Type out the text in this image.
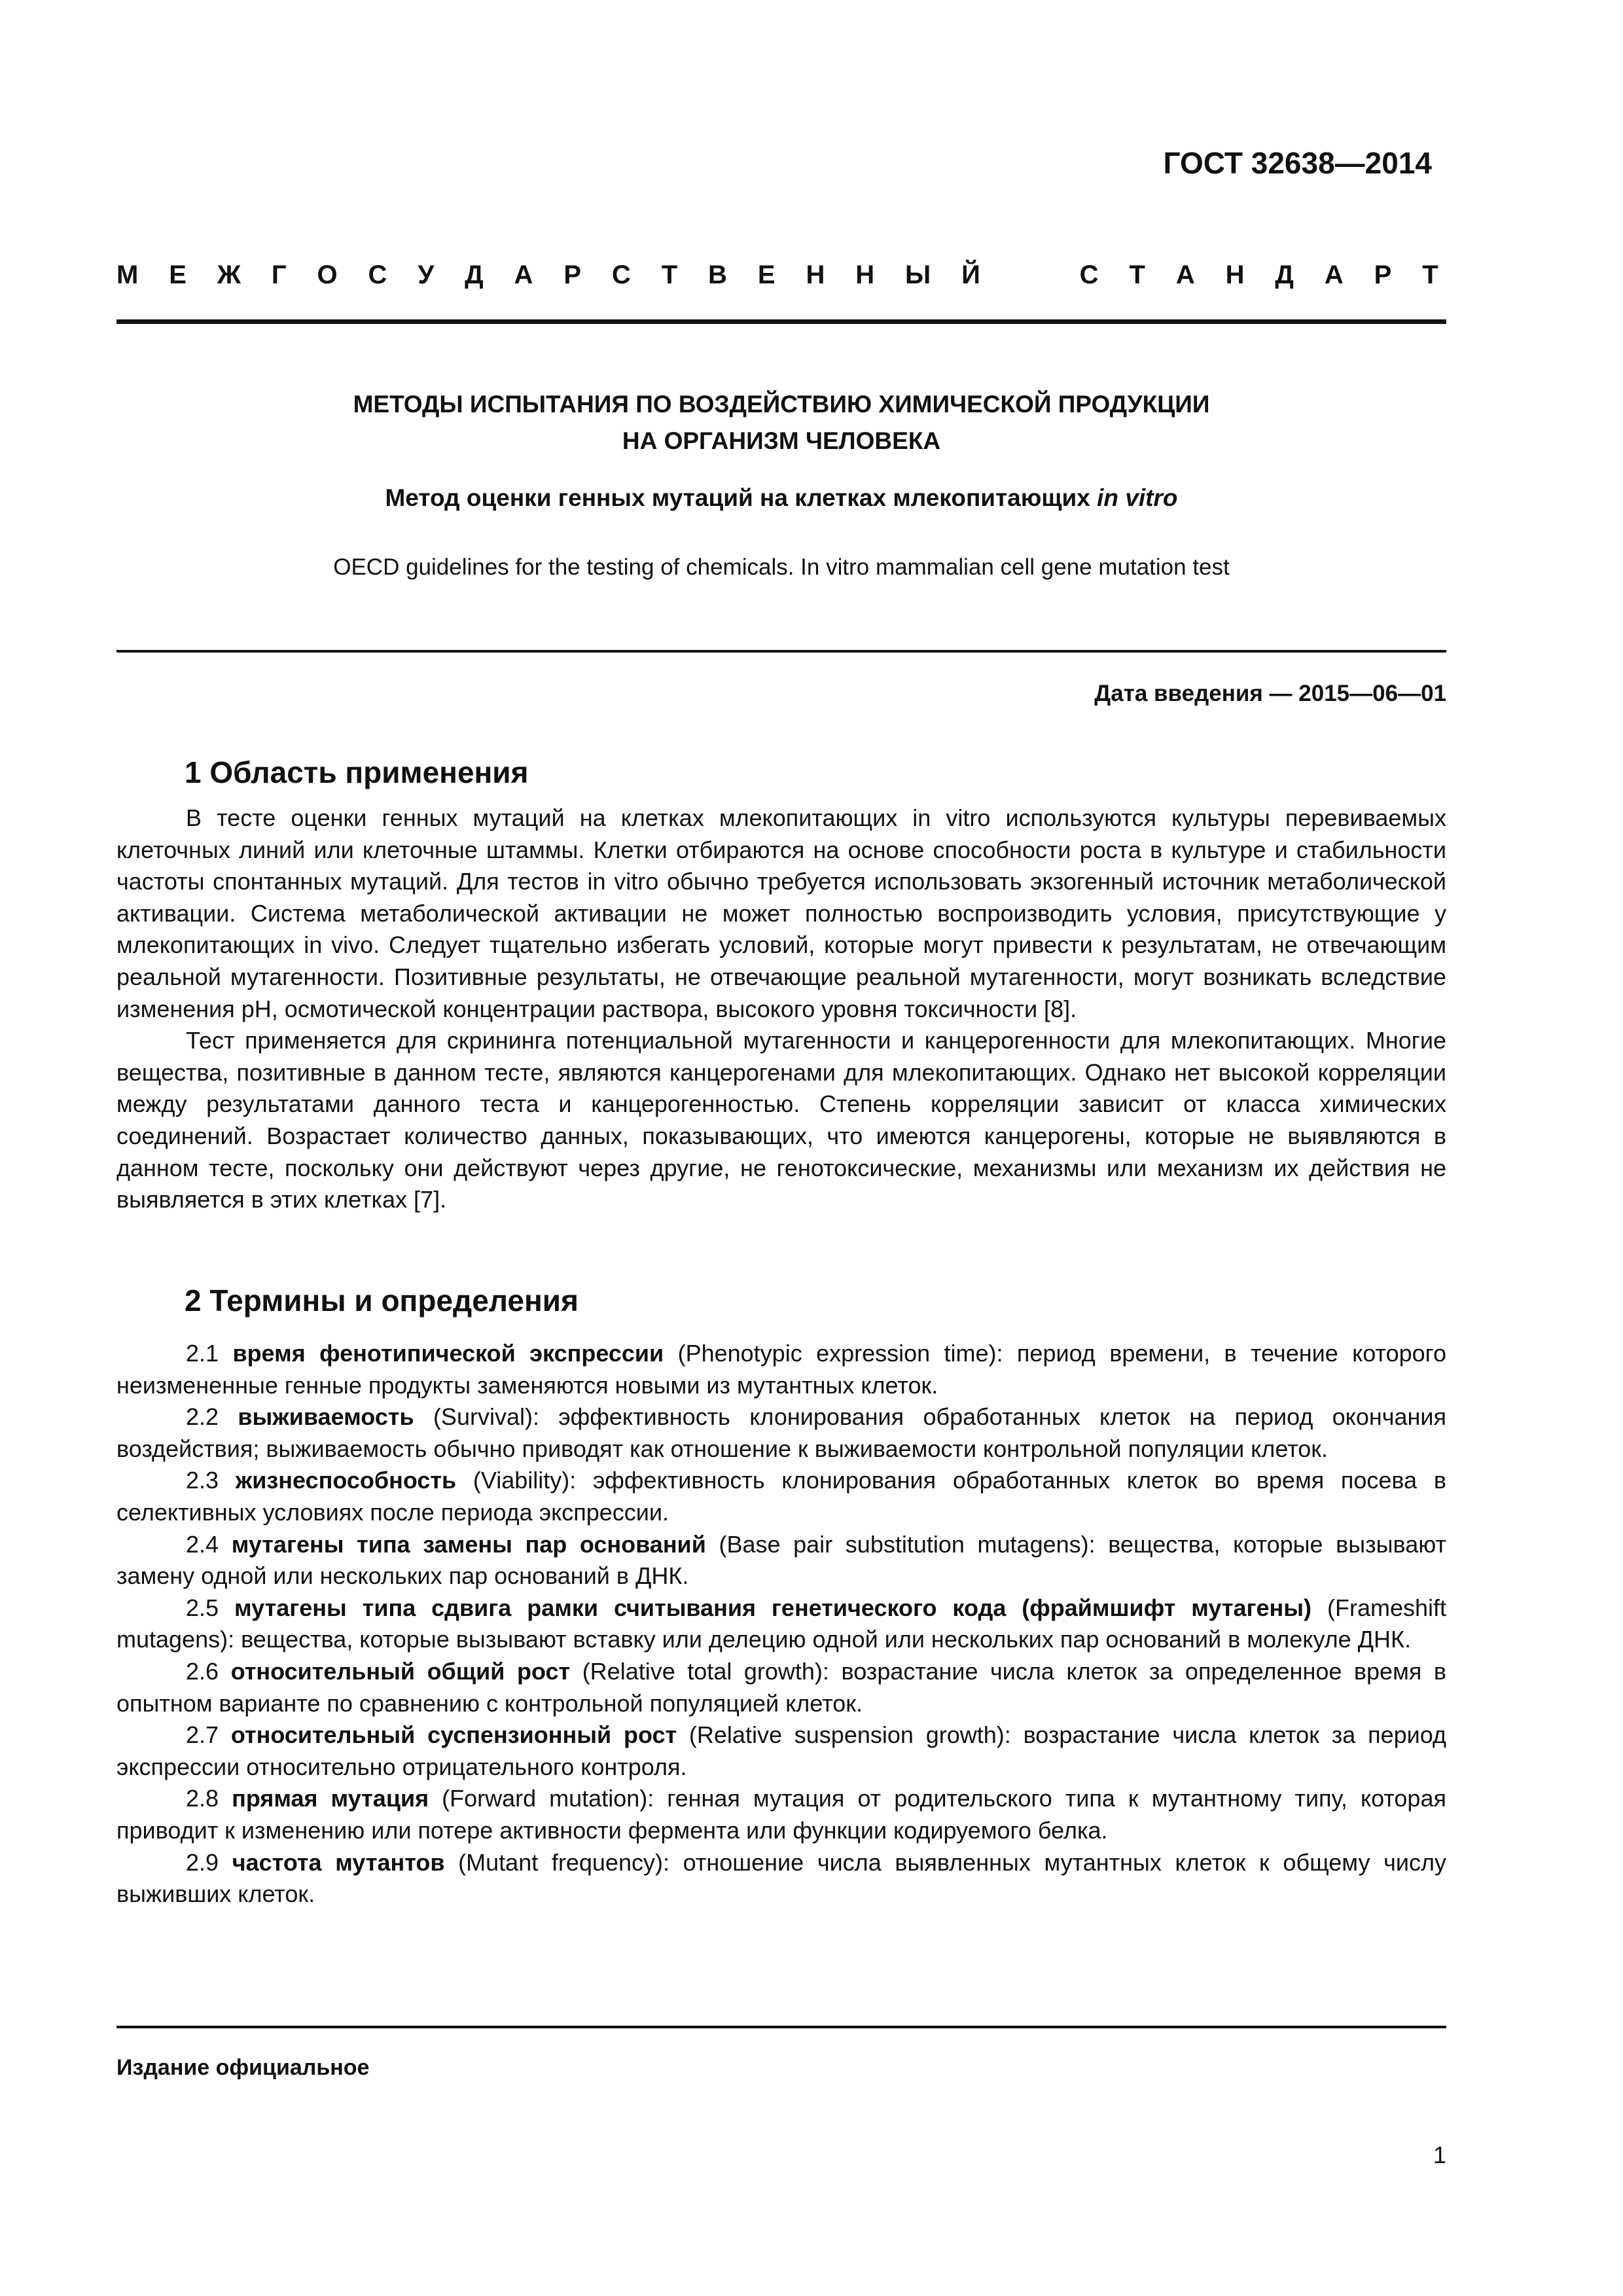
ГОСТ 32638—2014

М Е Ж Г О С У Д А Р С Т В Е Н Н Ы Й	С Т А Н Д А Р Т
МЕТОДЫ ИСПЫТАНИЯ ПО ВОЗДЕЙСТВИЮ ХИМИЧЕСКОЙ ПРОДУКЦИИ
НА ОРГАНИЗМ ЧЕЛОВЕКА

Метод оценки генных мутаций на клетках млекопитающих in vitro

OECD guidelines for the testing of chemicals. In vitro mammalian cell gene mutation test

Дата введения — 2015—06—01

1 Область применения

В тесте оценки генных мутаций на клетках млекопитающих in vitro используются культуры перевиваемых клеточных линий или клеточные штаммы. Клетки отбираются на основе способности роста в культуре и стабильности частоты спонтанных мутаций. Для тестов in vitro обычно требуется использовать экзогенный источник метаболической активации. Система метаболической активации не может полностью воспроизводить условия, присутствующие у млекопитающих in vivo. Следует тщательно избегать условий, которые могут привести к результатам, не отвечающим реальной мутагенности. Позитивные результаты, не отвечающие реальной мутагенности, могут возникать вследствие изменения pH, осмотической концентрации раствора, высокого уровня токсичности [8].

Тест применяется для скрининга потенциальной мутагенности и канцерогенности для млекопитающих. Многие вещества, позитивные в данном тесте, являются канцерогенами для млекопитающих. Однако нет высокой корреляции между результатами данного теста и канцерогенностью. Степень корреляции зависит от класса химических соединений. Возрастает количество данных, показывающих, что имеются канцерогены, которые не выявляются в данном тесте, поскольку они действуют через другие, не генотоксические, механизмы или механизм их действия не выявляется в этих клетках [7].

2 Термины и определения

2.1 время фенотипической экспрессии (Phenotypic expression time): период времени, в течение которого неизмененные генные продукты заменяются новыми из мутантных клеток.

2.2 выживаемость (Survival): эффективность клонирования обработанных клеток на период окончания воздействия; выживаемость обычно приводят как отношение к выживаемости контрольной популяции клеток.

2.3 жизнеспособность (Viability): эффективность клонирования обработанных клеток во время посева в селективных условиях после периода экспрессии.

2.4 мутагены типа замены пар оснований (Base pair substitution mutagens): вещества, которые вызывают замену одной или нескольких пар оснований в ДНК.

2.5 мутагены типа сдвига рамки считывания генетического кода (фраймшифт мутагены) (Frameshift mutagens): вещества, которые вызывают вставку или делецию одной или нескольких пар оснований в молекуле ДНК.

2.6 относительный общий рост (Relative total growth): возрастание числа клеток за определенное время в опытном варианте по сравнению с контрольной популяцией клеток.

2.7 относительный суспензионный рост (Relative suspension growth): возрастание числа клеток за период экспрессии относительно отрицательного контроля.

2.8 прямая мутация (Forward mutation): генная мутация от родительского типа к мутантному типу, которая приводит к изменению или потере активности фермента или функции кодируемого белка.

2.9 частота мутантов (Mutant frequency): отношение числа выявленных мутантных клеток к общему числу выживших клеток.

Издание официальное

1
